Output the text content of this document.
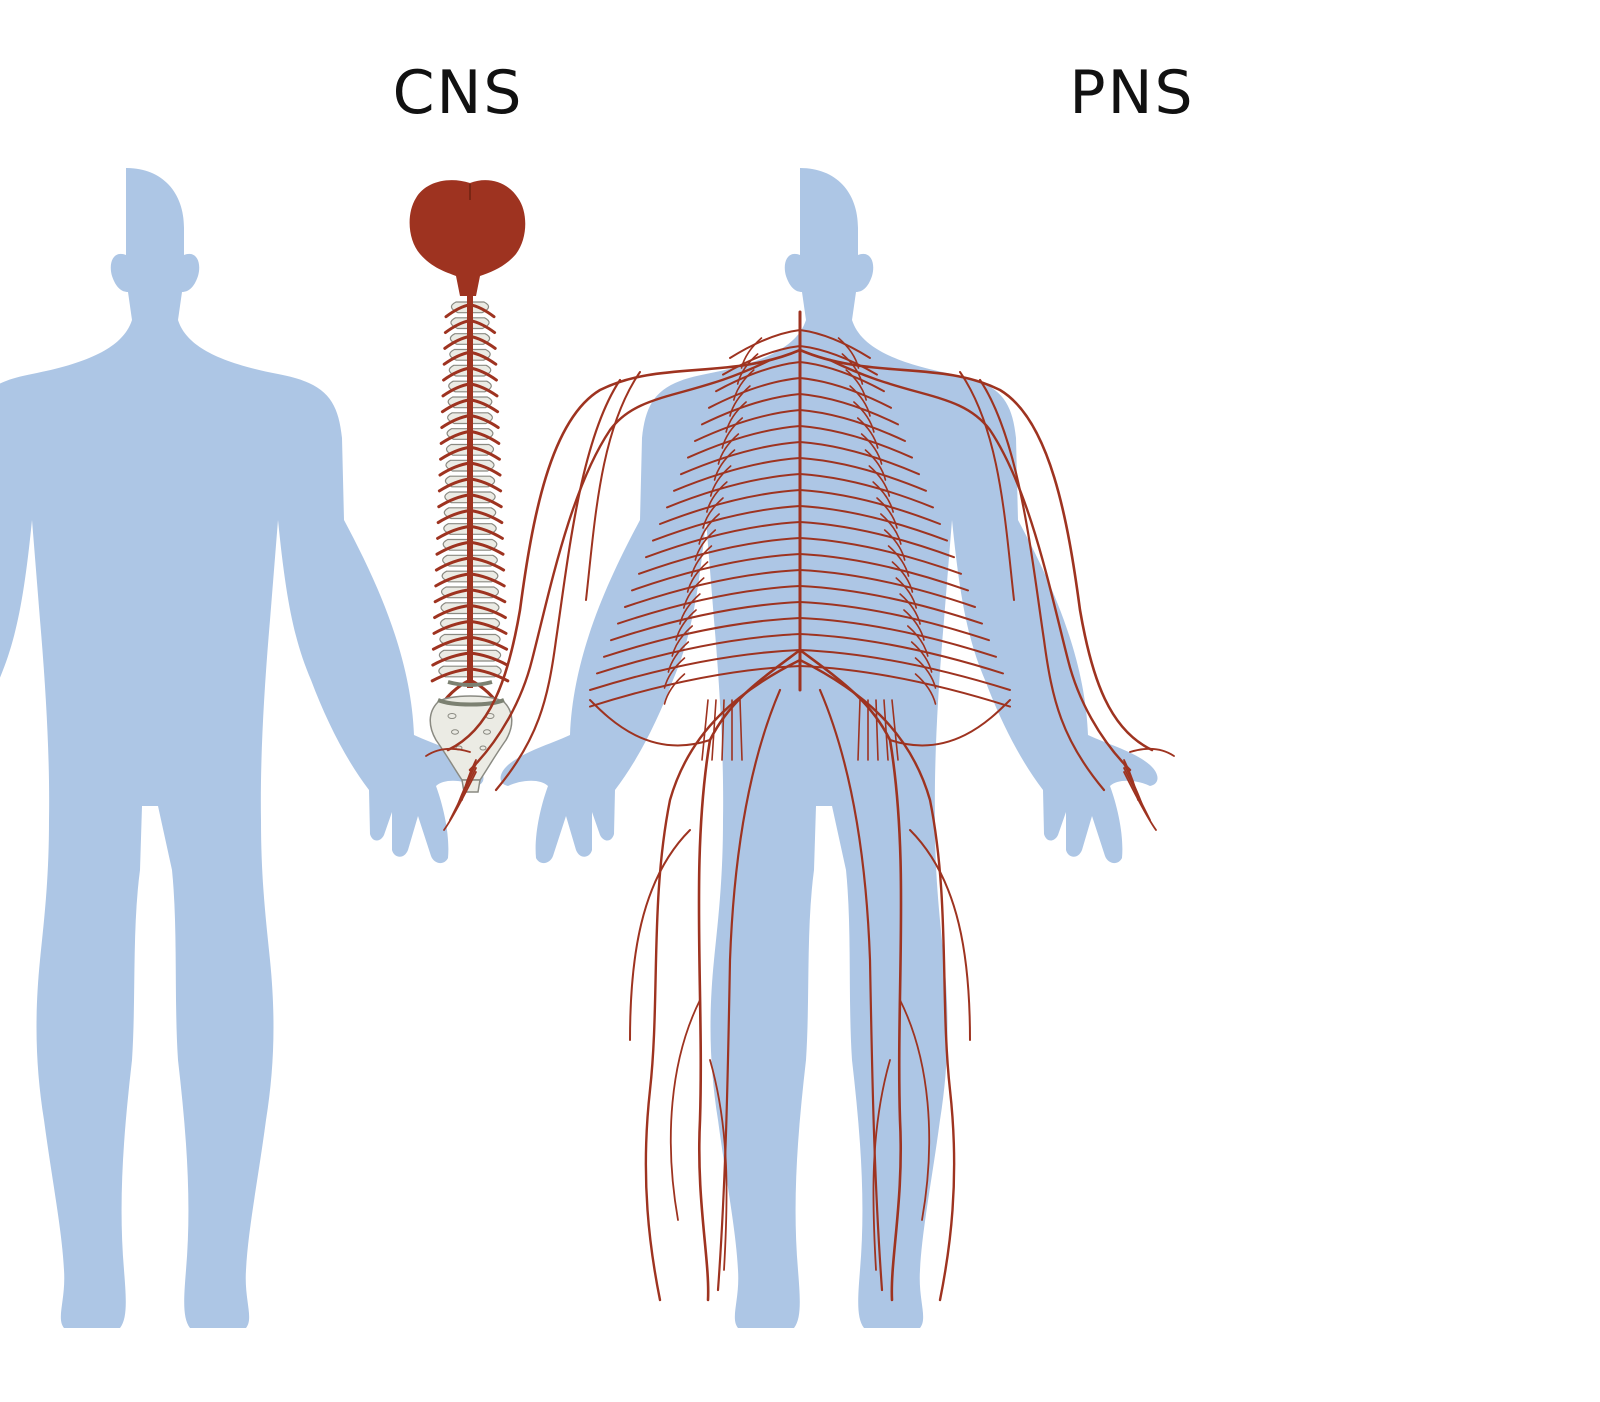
CNS	PNS
